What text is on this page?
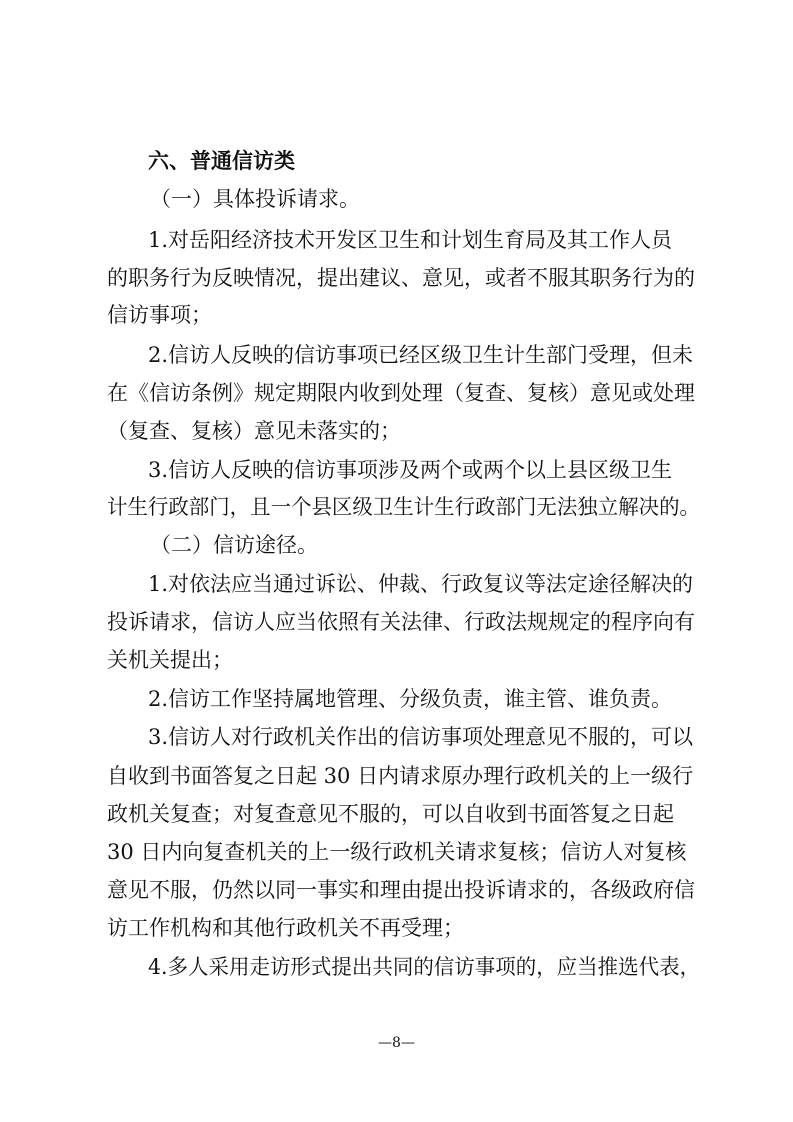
六、普通信访类
（一）具体投诉请求。
1.对岳阳经济技术开发区卫生和计划生育局及其工作人员
的职务行为反映情况，提出建议、意见，或者不服其职务行为的
信访事项；
2.信访人反映的信访事项已经区级卫生计生部门受理，但未
在《信访条例》规定期限内收到处理（复查、复核）意见或处理
（复查、复核）意见未落实的；
3.信访人反映的信访事项涉及两个或两个以上县区级卫生
计生行政部门，且一个县区级卫生计生行政部门无法独立解决的。
（二）信访途径。
1.对依法应当通过诉讼、仲裁、行政复议等法定途径解决的
投诉请求，信访人应当依照有关法律、行政法规规定的程序向有
关机关提出；
2.信访工作坚持属地管理、分级负责，谁主管、谁负责。
3.信访人对行政机关作出的信访事项处理意见不服的，可以
自收到书面答复之日起 30 日内请求原办理行政机关的上一级行
政机关复查；对复查意见不服的，可以自收到书面答复之日起
30 日内向复查机关的上一级行政机关请求复核；信访人对复核
意见不服，仍然以同一事实和理由提出投诉请求的，各级政府信
访工作机构和其他行政机关不再受理；
4.多人采用走访形式提出共同的信访事项的，应当推选代表，
—8—
